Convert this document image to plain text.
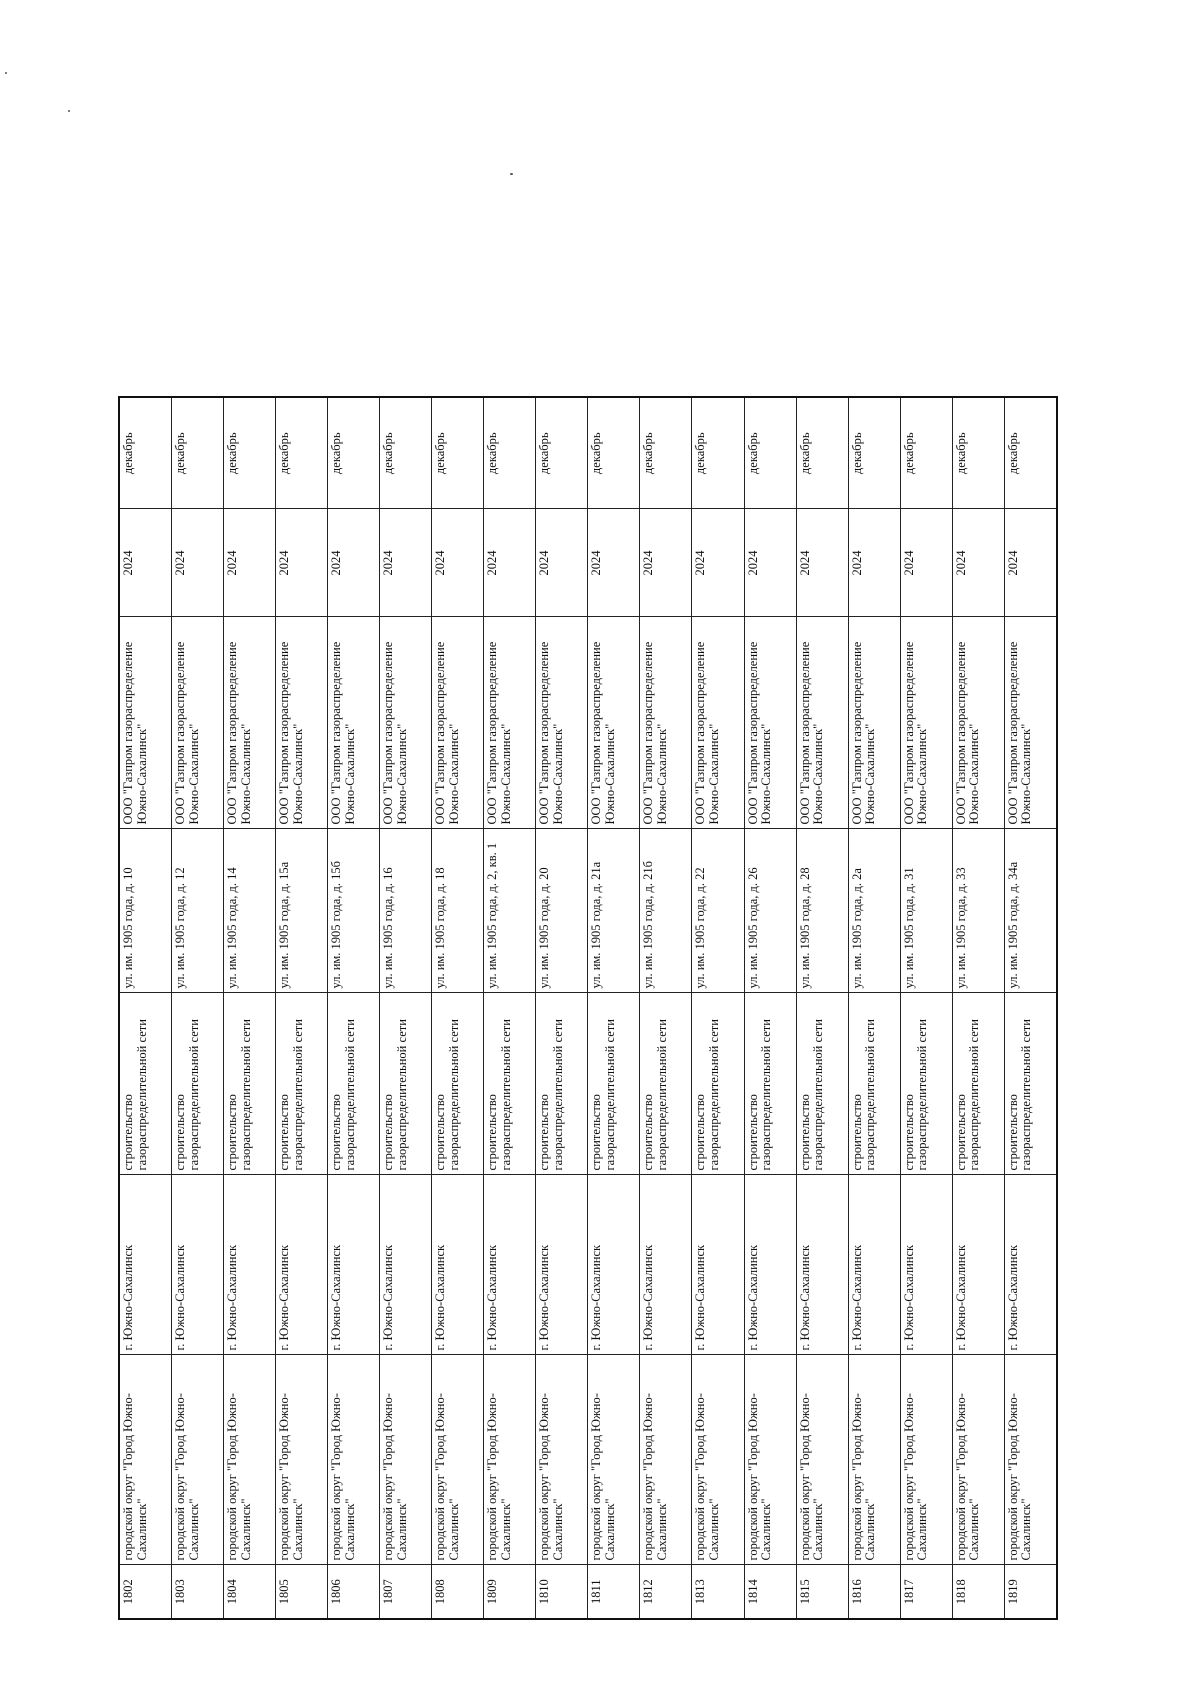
1802	городской округ "Город Южно-Сахалинск"	г. Южно-Сахалинск	строительство газораспределительной сети	ул. им. 1905 года, д. 10	ООО "Газпром газораспределение Южно-Сахалинск"	2024	декабрь
1803	городской округ "Город Южно-Сахалинск"	г. Южно-Сахалинск	строительство газораспределительной сети	ул. им. 1905 года, д. 12	ООО "Газпром газораспределение Южно-Сахалинск"	2024	декабрь
1804	городской округ "Город Южно-Сахалинск"	г. Южно-Сахалинск	строительство газораспределительной сети	ул. им. 1905 года, д. 14	ООО "Газпром газораспределение Южно-Сахалинск"	2024	декабрь
1805	городской округ "Город Южно-Сахалинск"	г. Южно-Сахалинск	строительство газораспределительной сети	ул. им. 1905 года, д. 15а	ООО "Газпром газораспределение Южно-Сахалинск"	2024	декабрь
1806	городской округ "Город Южно-Сахалинск"	г. Южно-Сахалинск	строительство газораспределительной сети	ул. им. 1905 года, д. 15б	ООО "Газпром газораспределение Южно-Сахалинск"	2024	декабрь
1807	городской округ "Город Южно-Сахалинск"	г. Южно-Сахалинск	строительство газораспределительной сети	ул. им. 1905 года, д. 16	ООО "Газпром газораспределение Южно-Сахалинск"	2024	декабрь
1808	городской округ "Город Южно-Сахалинск"	г. Южно-Сахалинск	строительство газораспределительной сети	ул. им. 1905 года, д. 18	ООО "Газпром газораспределение Южно-Сахалинск"	2024	декабрь
1809	городской округ "Город Южно-Сахалинск"	г. Южно-Сахалинск	строительство газораспределительной сети	ул. им. 1905 года, д. 2, кв. 1	ООО "Газпром газораспределение Южно-Сахалинск"	2024	декабрь
1810	городской округ "Город Южно-Сахалинск"	г. Южно-Сахалинск	строительство газораспределительной сети	ул. им. 1905 года, д. 20	ООО "Газпром газораспределение Южно-Сахалинск"	2024	декабрь
1811	городской округ "Город Южно-Сахалинск"	г. Южно-Сахалинск	строительство газораспределительной сети	ул. им. 1905 года, д. 21а	ООО "Газпром газораспределение Южно-Сахалинск"	2024	декабрь
1812	городской округ "Город Южно-Сахалинск"	г. Южно-Сахалинск	строительство газораспределительной сети	ул. им. 1905 года, д. 21б	ООО "Газпром газораспределение Южно-Сахалинск"	2024	декабрь
1813	городской округ "Город Южно-Сахалинск"	г. Южно-Сахалинск	строительство газораспределительной сети	ул. им. 1905 года, д. 22	ООО "Газпром газораспределение Южно-Сахалинск"	2024	декабрь
1814	городской округ "Город Южно-Сахалинск"	г. Южно-Сахалинск	строительство газораспределительной сети	ул. им. 1905 года, д. 26	ООО "Газпром газораспределение Южно-Сахалинск"	2024	декабрь
1815	городской округ "Город Южно-Сахалинск"	г. Южно-Сахалинск	строительство газораспределительной сети	ул. им. 1905 года, д. 28	ООО "Газпром газораспределение Южно-Сахалинск"	2024	декабрь
1816	городской округ "Город Южно-Сахалинск"	г. Южно-Сахалинск	строительство газораспределительной сети	ул. им. 1905 года, д. 2а	ООО "Газпром газораспределение Южно-Сахалинск"	2024	декабрь
1817	городской округ "Город Южно-Сахалинск"	г. Южно-Сахалинск	строительство газораспределительной сети	ул. им. 1905 года, д. 31	ООО "Газпром газораспределение Южно-Сахалинск"	2024	декабрь
1818	городской округ "Город Южно-Сахалинск"	г. Южно-Сахалинск	строительство газораспределительной сети	ул. им. 1905 года, д. 33	ООО "Газпром газораспределение Южно-Сахалинск"	2024	декабрь
1819	городской округ "Город Южно-Сахалинск"	г. Южно-Сахалинск	строительство газораспределительной сети	ул. им. 1905 года, д. 34а	ООО "Газпром газораспределение Южно-Сахалинск"	2024	декабрь
